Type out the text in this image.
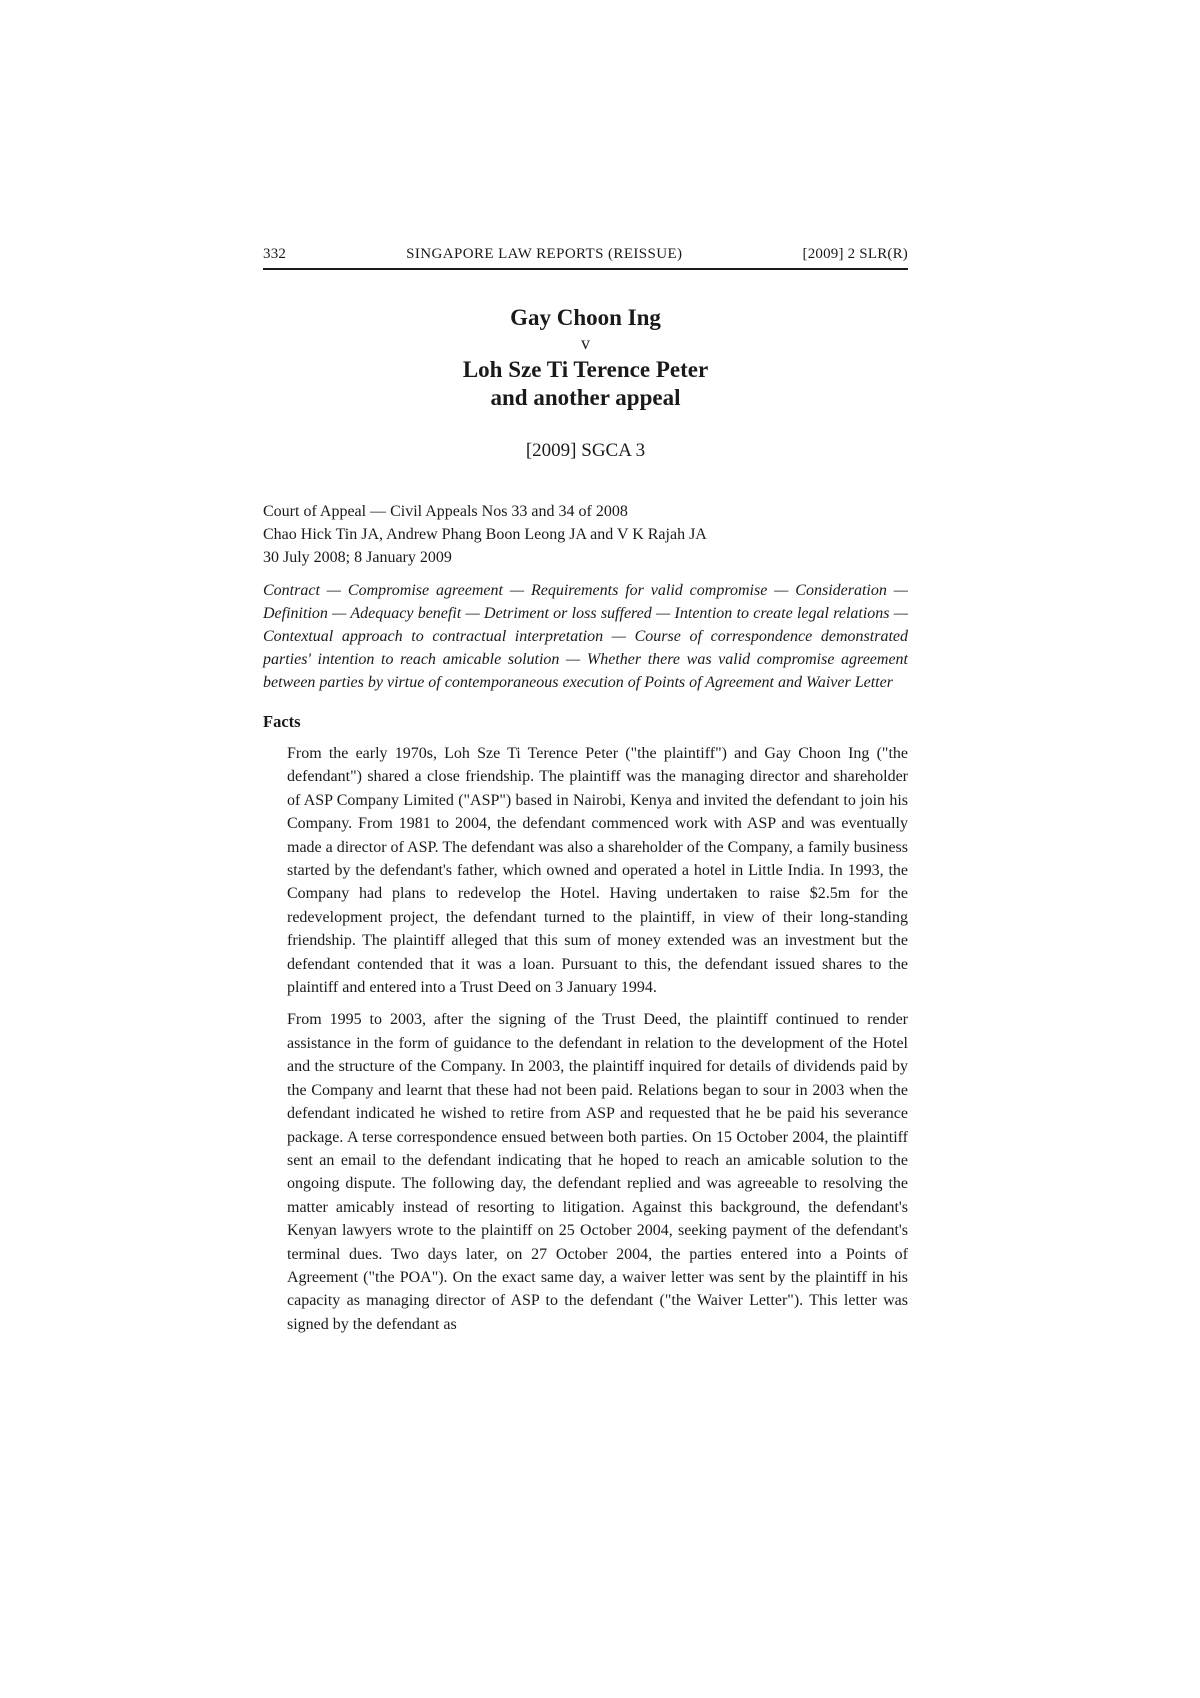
332	SINGAPORE LAW REPORTS (REISSUE)	[2009] 2 SLR(R)
Gay Choon Ing
v
Loh Sze Ti Terence Peter
and another appeal
[2009] SGCA 3
Court of Appeal — Civil Appeals Nos 33 and 34 of 2008
Chao Hick Tin JA, Andrew Phang Boon Leong JA and V K Rajah JA
30 July 2008; 8 January 2009
Contract — Compromise agreement — Requirements for valid compromise — Consideration — Definition — Adequacy benefit — Detriment or loss suffered — Intention to create legal relations — Contextual approach to contractual interpretation — Course of correspondence demonstrated parties' intention to reach amicable solution — Whether there was valid compromise agreement between parties by virtue of contemporaneous execution of Points of Agreement and Waiver Letter
Facts
From the early 1970s, Loh Sze Ti Terence Peter ("the plaintiff") and Gay Choon Ing ("the defendant") shared a close friendship. The plaintiff was the managing director and shareholder of ASP Company Limited ("ASP") based in Nairobi, Kenya and invited the defendant to join his Company. From 1981 to 2004, the defendant commenced work with ASP and was eventually made a director of ASP. The defendant was also a shareholder of the Company, a family business started by the defendant's father, which owned and operated a hotel in Little India. In 1993, the Company had plans to redevelop the Hotel. Having undertaken to raise $2.5m for the redevelopment project, the defendant turned to the plaintiff, in view of their long-standing friendship. The plaintiff alleged that this sum of money extended was an investment but the defendant contended that it was a loan. Pursuant to this, the defendant issued shares to the plaintiff and entered into a Trust Deed on 3 January 1994.
From 1995 to 2003, after the signing of the Trust Deed, the plaintiff continued to render assistance in the form of guidance to the defendant in relation to the development of the Hotel and the structure of the Company. In 2003, the plaintiff inquired for details of dividends paid by the Company and learnt that these had not been paid. Relations began to sour in 2003 when the defendant indicated he wished to retire from ASP and requested that he be paid his severance package. A terse correspondence ensued between both parties. On 15 October 2004, the plaintiff sent an email to the defendant indicating that he hoped to reach an amicable solution to the ongoing dispute. The following day, the defendant replied and was agreeable to resolving the matter amicably instead of resorting to litigation. Against this background, the defendant's Kenyan lawyers wrote to the plaintiff on 25 October 2004, seeking payment of the defendant's terminal dues. Two days later, on 27 October 2004, the parties entered into a Points of Agreement ("the POA"). On the exact same day, a waiver letter was sent by the plaintiff in his capacity as managing director of ASP to the defendant ("the Waiver Letter"). This letter was signed by the defendant as
